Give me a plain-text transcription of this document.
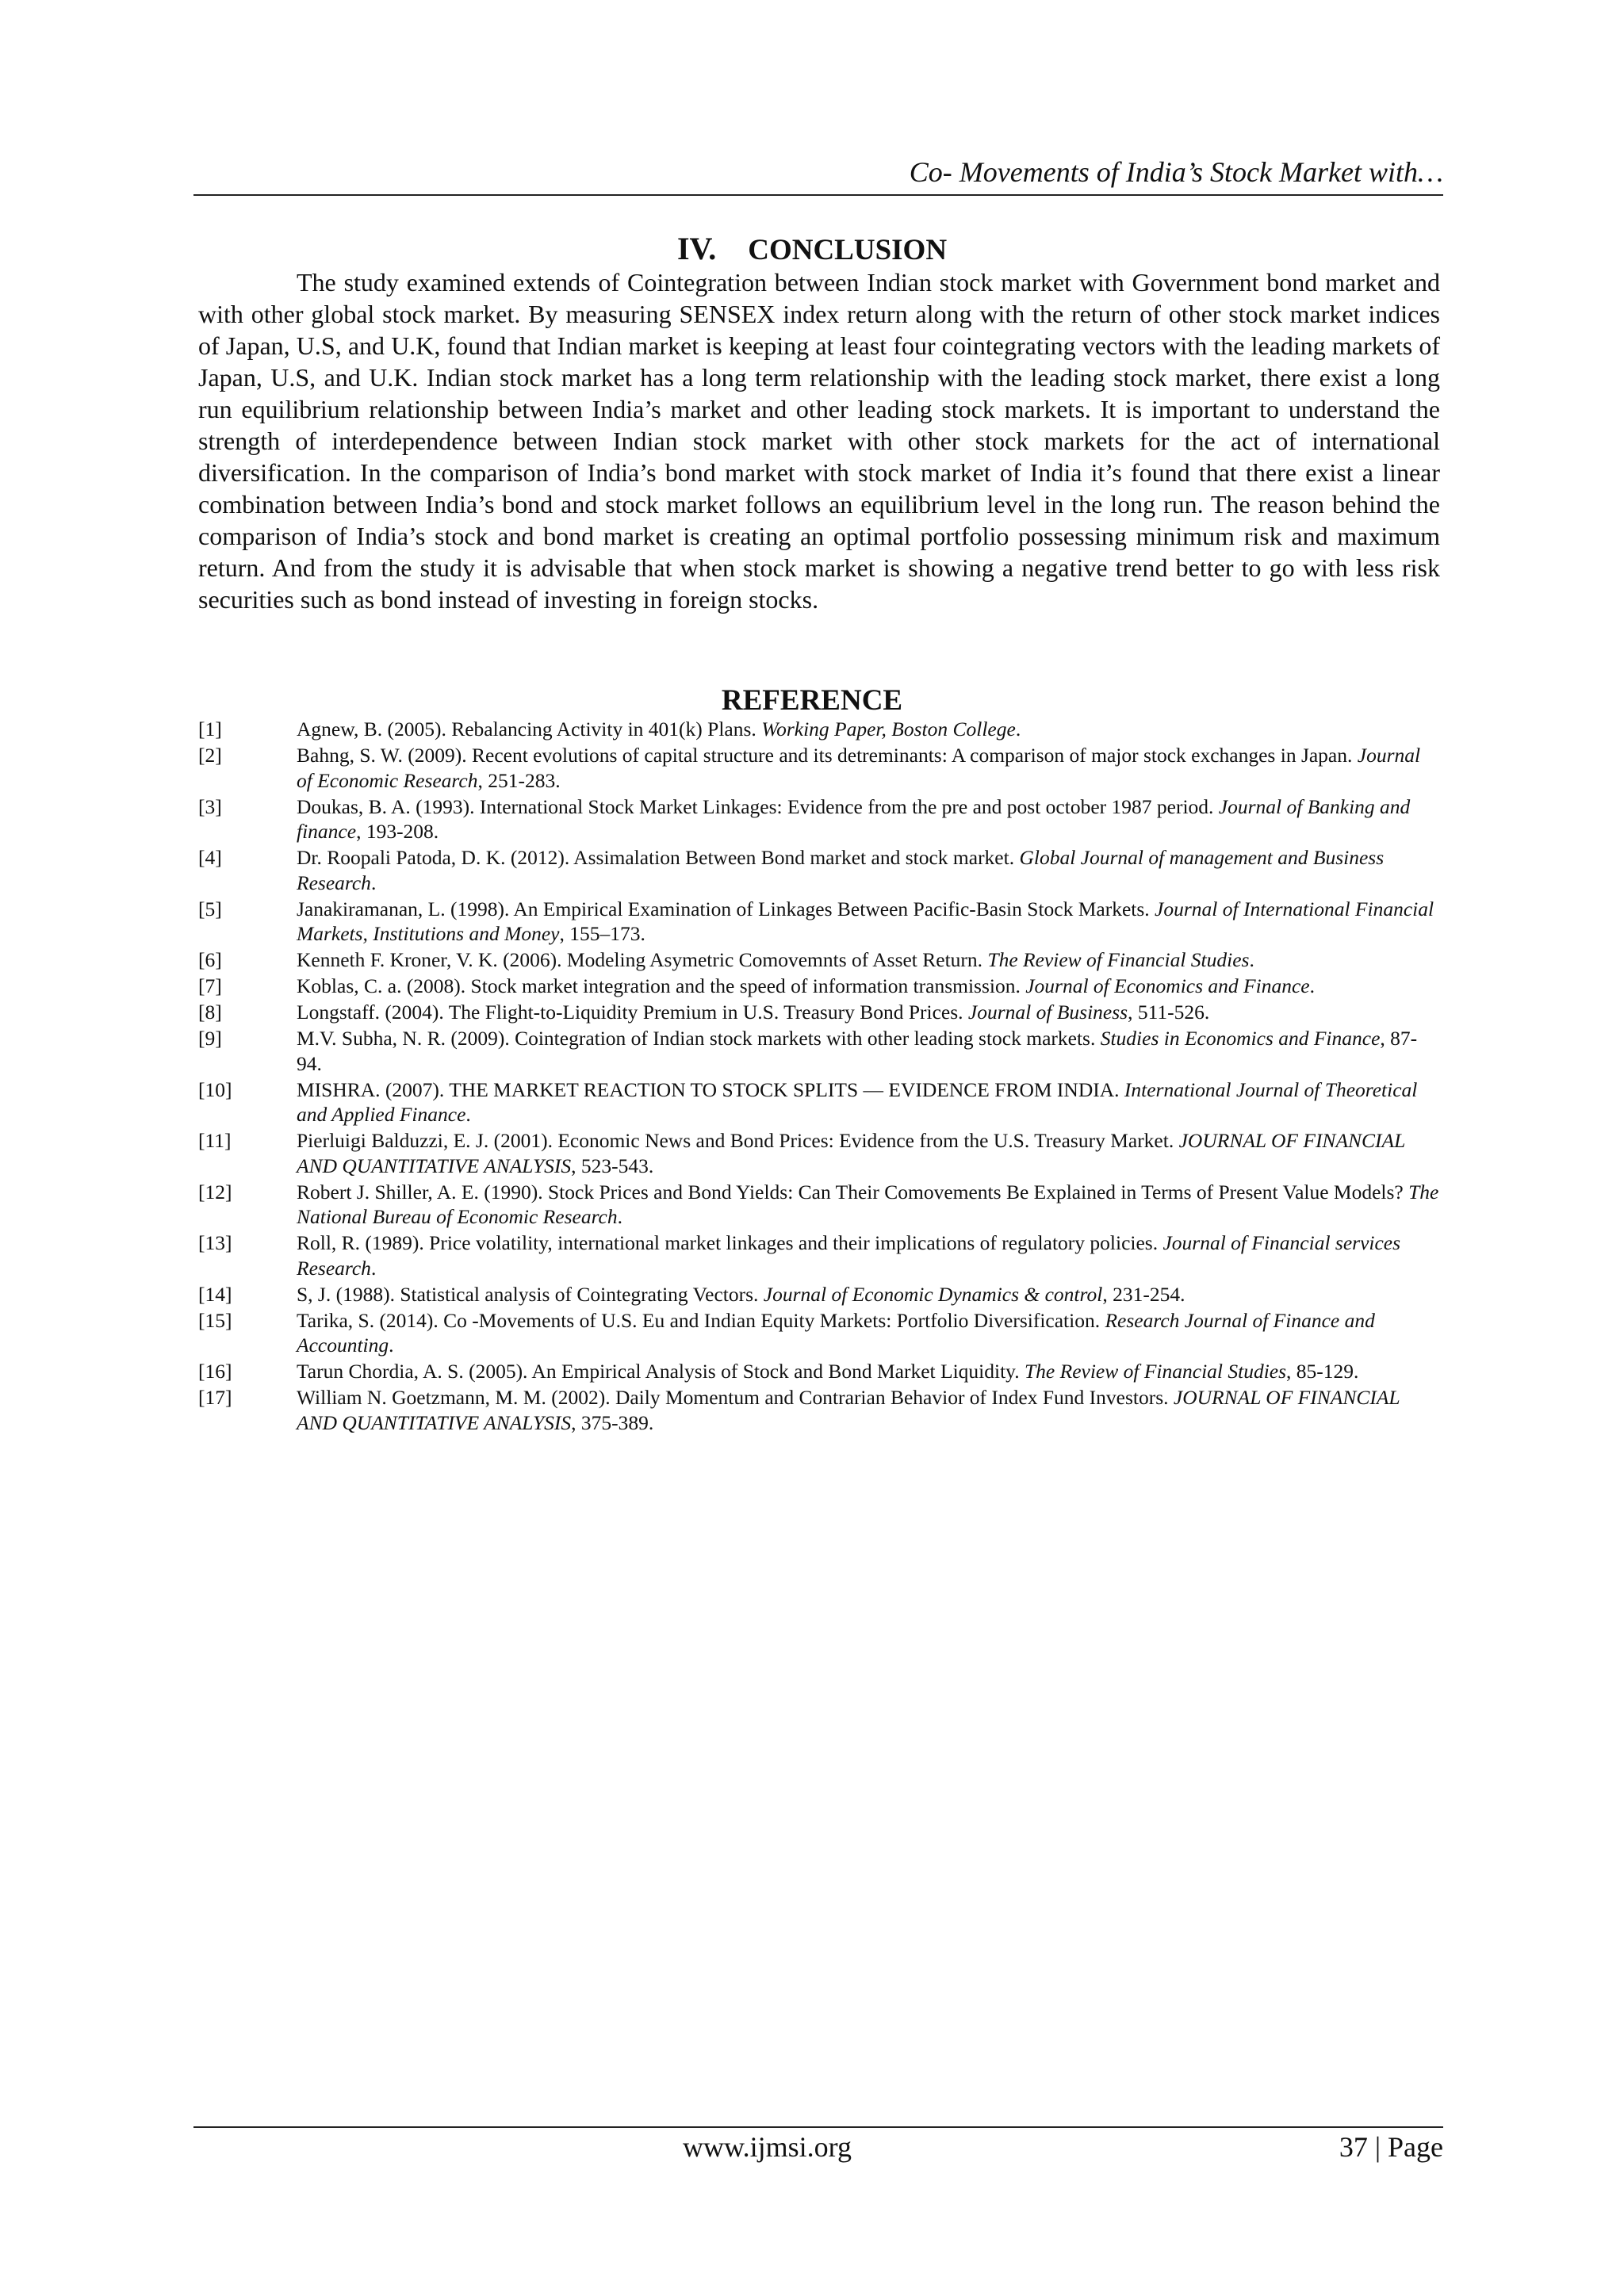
Co- Movements of India’s Stock Market with…
IV. CONCLUSION

The study examined extends of Cointegration between Indian stock market with Government bond market and with other global stock market. By measuring SENSEX index return along with the return of other stock market indices of Japan, U.S, and U.K, found that Indian market is keeping at least four cointegrating vectors with the leading markets of Japan, U.S, and U.K. Indian stock market has a long term relationship with the leading stock market, there exist a long run equilibrium relationship between India’s market and other leading stock markets. It is important to understand the strength of interdependence between Indian stock market with other stock markets for the act of international diversification. In the comparison of India’s bond market with stock market of India it’s found that there exist a linear combination between India’s bond and stock market follows an equilibrium level in the long run. The reason behind the comparison of India’s stock and bond market is creating an optimal portfolio possessing minimum risk and maximum return. And from the study it is advisable that when stock market is showing a negative trend better to go with less risk securities such as bond instead of investing in foreign stocks.

REFERENCE
[1]	Agnew, B. (2005). Rebalancing Activity in 401(k) Plans. Working Paper, Boston College.
[2]	Bahng, S. W. (2009). Recent evolutions of capital structure and its detreminants: A comparison of major stock exchanges in Japan. Journal of Economic Research, 251-283.
[3]	Doukas, B. A. (1993). International Stock Market Linkages: Evidence from the pre and post october 1987 period. Journal of Banking and finance, 193-208.
[4]	Dr. Roopali Patoda, D. K. (2012). Assimalation Between Bond market and stock market. Global Journal of management and Business Research.
[5]	Janakiramanan, L. (1998). An Empirical Examination of Linkages Between Pacific-Basin Stock Markets. Journal of International Financial Markets, Institutions and Money, 155–173.
[6]	Kenneth F. Kroner, V. K. (2006). Modeling Asymetric Comovemnts of Asset Return. The Review of Financial Studies.
[7]	Koblas, C. a. (2008). Stock market integration and the speed of information transmission. Journal of Economics and Finance.
[8]	Longstaff. (2004). The Flight-to-Liquidity Premium in U.S. Treasury Bond Prices. Journal of Business, 511-526.
[9]	M.V. Subha, N. R. (2009). Cointegration of Indian stock markets with other leading stock markets. Studies in Economics and Finance, 87-94.
[10]	MISHRA. (2007). THE MARKET REACTION TO STOCK SPLITS — EVIDENCE FROM INDIA. International Journal of Theoretical and Applied Finance.
[11]	Pierluigi Balduzzi, E. J. (2001). Economic News and Bond Prices: Evidence from the U.S. Treasury Market. JOURNAL OF FINANCIAL AND QUANTITATIVE ANALYSIS, 523-543.
[12]	Robert J. Shiller, A. E. (1990). Stock Prices and Bond Yields: Can Their Comovements Be Explained in Terms of Present Value Models? The National Bureau of Economic Research.
[13]	Roll, R. (1989). Price volatility, international market linkages and their implications of regulatory policies. Journal of Financial services Research.
[14]	S, J. (1988). Statistical analysis of Cointegrating Vectors. Journal of Economic Dynamics & control, 231-254.
[15]	Tarika, S. (2014). Co -Movements of U.S. Eu and Indian Equity Markets: Portfolio Diversification. Research Journal of Finance and Accounting.
[16]	Tarun Chordia, A. S. (2005). An Empirical Analysis of Stock and Bond Market Liquidity. The Review of Financial Studies, 85-129.
[17]	William N. Goetzmann, M. M. (2002). Daily Momentum and Contrarian Behavior of Index Fund Investors. JOURNAL OF FINANCIAL AND QUANTITATIVE ANALYSIS, 375-389.
www.ijmsi.org	37 | Page
